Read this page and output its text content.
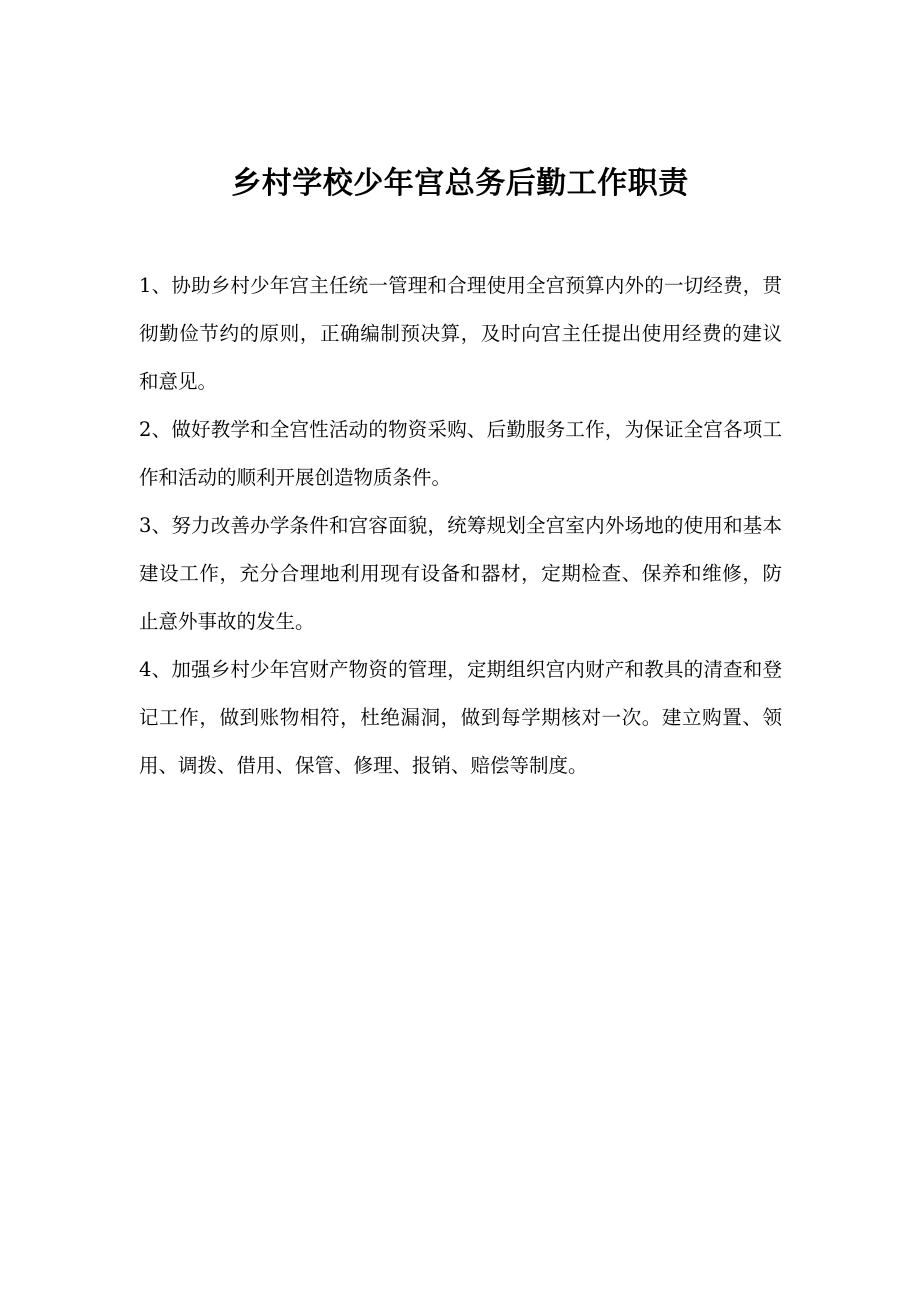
乡村学校少年宫总务后勤工作职责

1、协助乡村少年宫主任统一管理和合理使用全宫预算内外的一切经费，贯彻勤俭节约的原则，正确编制预决算，及时向宫主任提出使用经费的建议和意见。

2、做好教学和全宫性活动的物资采购、后勤服务工作，为保证全宫各项工作和活动的顺利开展创造物质条件。

3、努力改善办学条件和宫容面貌，统筹规划全宫室内外场地的使用和基本建设工作，充分合理地利用现有设备和器材，定期检查、保养和维修，防止意外事故的发生。

4、加强乡村少年宫财产物资的管理，定期组织宫内财产和教具的清查和登记工作，做到账物相符，杜绝漏洞，做到每学期核对一次。建立购置、领用、调拨、借用、保管、修理、报销、赔偿等制度。
